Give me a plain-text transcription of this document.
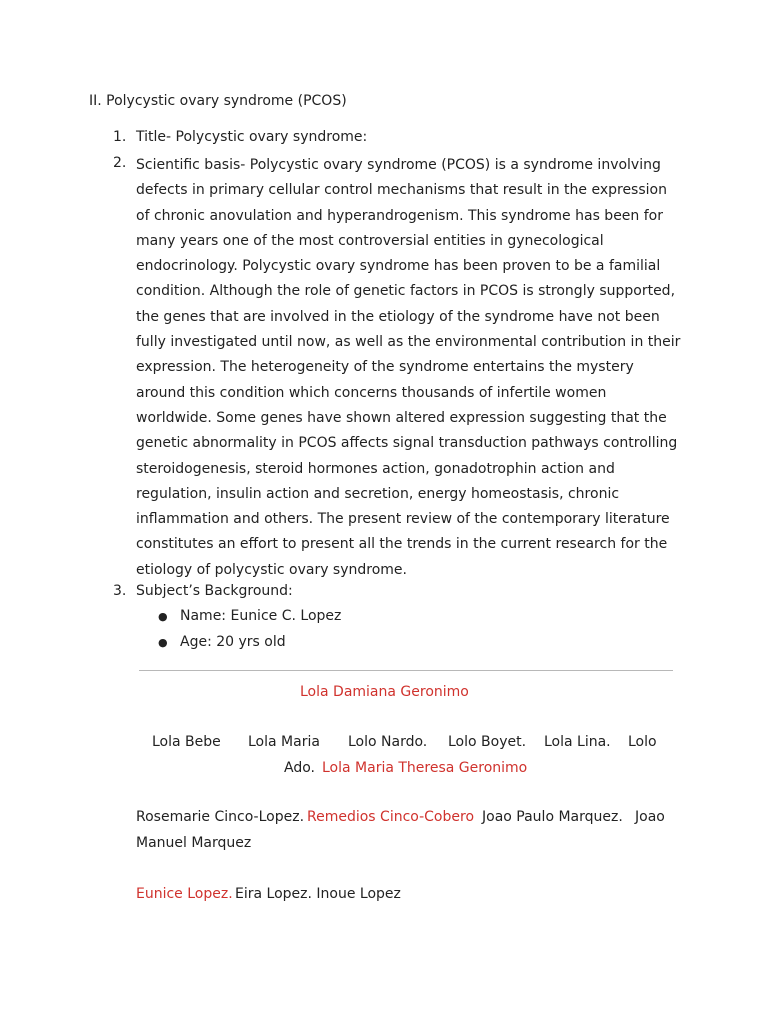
II. Polycystic ovary syndrome (PCOS)
1. Title- Polycystic ovary syndrome:
2. Scientific basis- Polycystic ovary syndrome (PCOS) is a syndrome involving
defects in primary cellular control mechanisms that result in the expression
of chronic anovulation and hyperandrogenism. This syndrome has been for
many years one of the most controversial entities in gynecological
endocrinology. Polycystic ovary syndrome has been proven to be a familial
condition. Although the role of genetic factors in PCOS is strongly supported,
the genes that are involved in the etiology of the syndrome have not been
fully investigated until now, as well as the environmental contribution in their
expression. The heterogeneity of the syndrome entertains the mystery
around this condition which concerns thousands of infertile women
worldwide. Some genes have shown altered expression suggesting that the
genetic abnormality in PCOS affects signal transduction pathways controlling
steroidogenesis, steroid hormones action, gonadotrophin action and
regulation, insulin action and secretion, energy homeostasis, chronic
inflammation and others. The present review of the contemporary literature
constitutes an effort to present all the trends in the current research for the
etiology of polycystic ovary syndrome.
3. Subject’s Background:
● Name: Eunice C. Lopez
● Age: 20 yrs old
Lola Damiana Geronimo
Lola Bebe Lola Maria Lolo Nardo. Lolo Boyet. Lola Lina. Lolo
Ado. Lola Maria Theresa Geronimo
Rosemarie Cinco-Lopez. Remedios Cinco-Cobero Joao Paulo Marquez. Joao
Manuel Marquez
Eunice Lopez. Eira Lopez. Inoue Lopez
